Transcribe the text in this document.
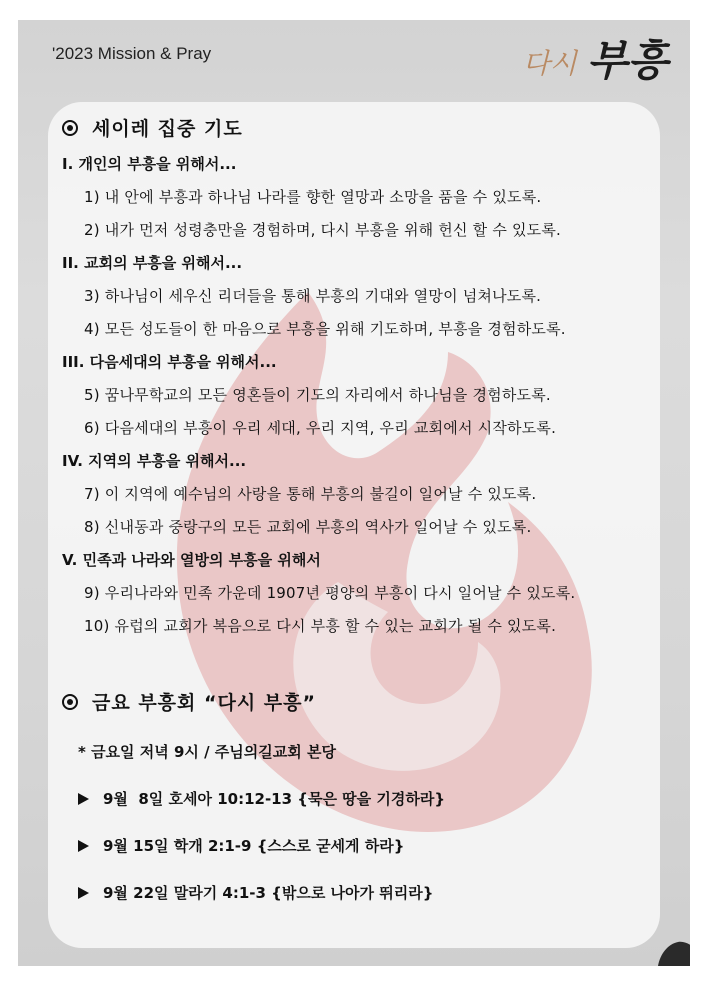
'2023 Mission & Pray	다시 부흥
세이레 집중 기도
I. 개인의 부흥을 위해서...
1) 내 안에 부흥과 하나님 나라를 향한 열망과 소망을 품을 수 있도록.
2) 내가 먼저 성령충만을 경험하며, 다시 부흥을 위해 헌신 할 수 있도록.
II. 교회의 부흥을 위해서...
3) 하나님이 세우신 리더들을 통해 부흥의 기대와 열망이 넘쳐나도록.
4) 모든 성도들이 한 마음으로 부흥을 위해 기도하며, 부흥을 경험하도록.
III. 다음세대의 부흥을 위해서...
5) 꿈나무학교의 모든 영혼들이 기도의 자리에서 하나님을 경험하도록.
6) 다음세대의 부흥이 우리 세대, 우리 지역, 우리 교회에서 시작하도록.
IV. 지역의 부흥을 위해서...
7) 이 지역에 예수님의 사랑을 통해 부흥의 불길이 일어날 수 있도록.
8) 신내동과 중랑구의 모든 교회에 부흥의 역사가 일어날 수 있도록.
V. 민족과 나라와 열방의 부흥을 위해서
9) 우리나라와 민족 가운데 1907년 평양의 부흥이 다시 일어날 수 있도록.
10) 유럽의 교회가 복음으로 다시 부흥 할 수 있는 교회가 될 수 있도록.
금요 부흥회 “다시 부흥”
* 금요일 저녁 9시 / 주님의길교회 본당
9월  8일 호세아 10:12-13 {묵은 땅을 기경하라}
9월 15일 학개 2:1-9 {스스로 굳세게 하라}
9월 22일 말라기 4:1-3 {밖으로 나아가 뛰리라}
